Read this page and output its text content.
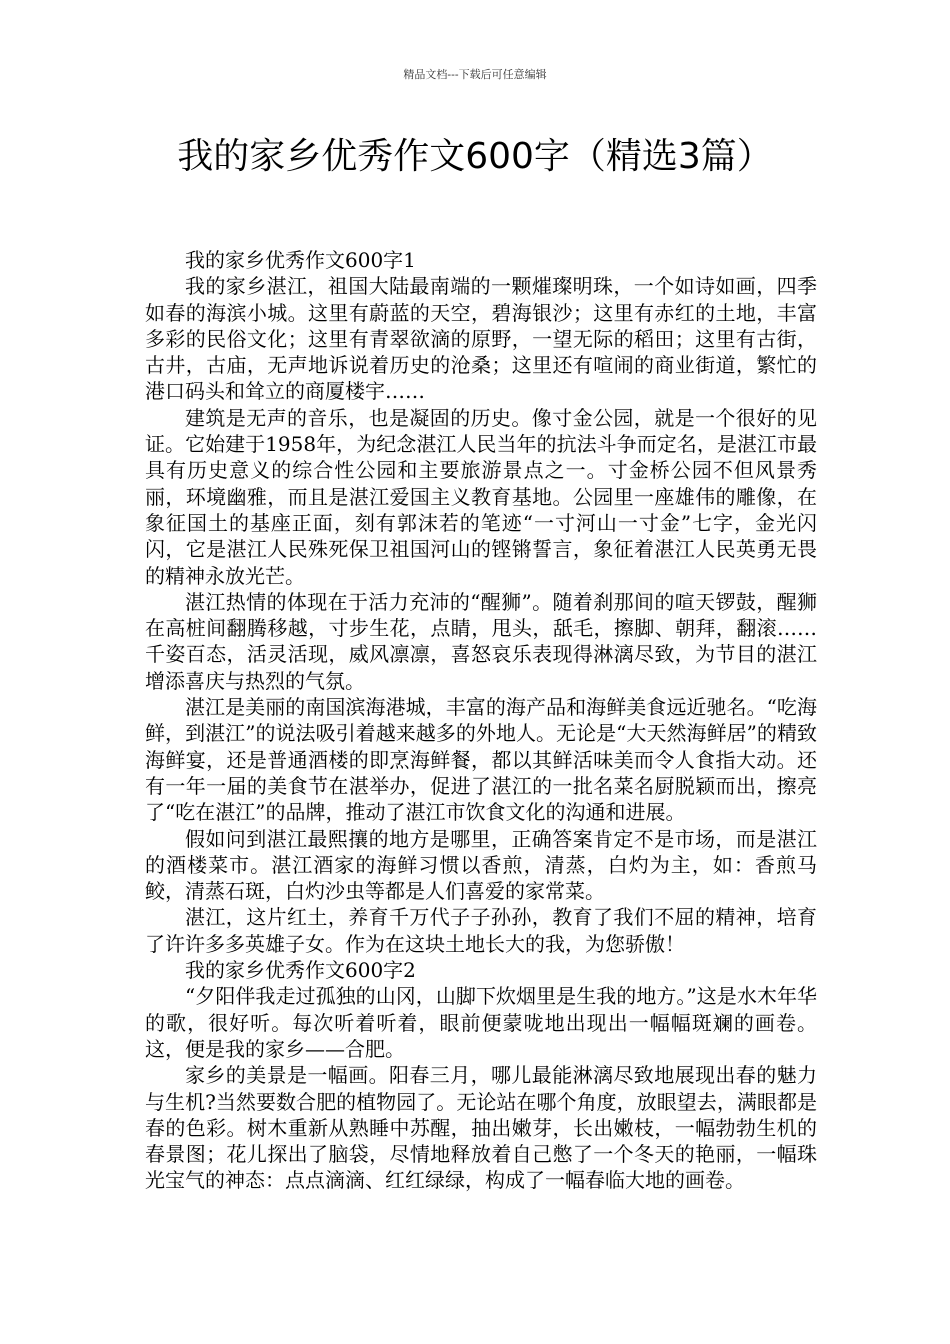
精品文档---下载后可任意编辑
我的家乡优秀作文600字（精选3篇）

我的家乡优秀作文600字1

我的家乡湛江，祖国大陆最南端的一颗熣璨明珠，一个如诗如画，四季如春的海滨小城。这里有蔚蓝的天空，碧海银沙；这里有赤红的土地，丰富多彩的民俗文化；这里有青翠欲滴的原野，一望无际的稻田；这里有古街，古井，古庙，无声地诉说着历史的沧桑；这里还有喧闹的商业街道，繁忙的港口码头和耸立的商厦楼宇……

建筑是无声的音乐，也是凝固的历史。像寸金公园，就是一个很好的见证。它始建于1958年，为纪念湛江人民当年的抗法斗争而定名，是湛江市最具有历史意义的综合性公园和主要旅游景点之一。寸金桥公园不但风景秀丽，环境幽雅，而且是湛江爱国主义教育基地。公园里一座雄伟的雕像，在象征国土的基座正面，刻有郭沫若的笔迹“一寸河山一寸金”七字，金光闪闪，它是湛江人民殊死保卫祖国河山的铿锵誓言，象征着湛江人民英勇无畏的精神永放光芒。

湛江热情的体现在于活力充沛的“醒狮”。随着刹那间的喧天锣鼓，醒狮在高桩间翻腾移越，寸步生花，点睛，甩头，舐毛，擦脚、朝拜，翻滚……千姿百态，活灵活现，威风凛凛，喜怒哀乐表现得淋漓尽致，为节目的湛江增添喜庆与热烈的气氛。

湛江是美丽的南国滨海港城，丰富的海产品和海鲜美食远近驰名。“吃海鲜，到湛江”的说法吸引着越来越多的外地人。无论是“大天然海鲜居”的精致海鲜宴，还是普通酒楼的即烹海鲜餐，都以其鲜活味美而令人食指大动。还有一年一届的美食节在湛举办，促进了湛江的一批名菜名厨脱颖而出，擦亮了“吃在湛江”的品牌，推动了湛江市饮食文化的沟通和进展。

假如问到湛江最熙攘的地方是哪里，正确答案肯定不是市场，而是湛江的酒楼菜市。湛江酒家的海鲜习惯以香煎，清蒸，白灼为主，如：香煎马鲛，清蒸石斑，白灼沙虫等都是人们喜爱的家常菜。

湛江，这片红土，养育千万代子子孙孙，教育了我们不屈的精神，培育了许许多多英雄子女。作为在这块土地长大的我，为您骄傲！

我的家乡优秀作文600字2

“夕阳伴我走过孤独的山冈，山脚下炊烟里是生我的地方。”这是水木年华的歌，很好听。每次听着听着，眼前便蒙咙地出现出一幅幅斑斓的画卷。这，便是我的家乡——合肥。

家乡的美景是一幅画。阳春三月，哪儿最能淋漓尽致地展现出春的魅力与生机?当然要数合肥的植物园了。无论站在哪个角度，放眼望去，满眼都是春的色彩。树木重新从熟睡中苏醒，抽出嫩芽，长出嫩枝，一幅勃勃生机的春景图；花儿探出了脑袋，尽情地释放着自己憋了一个冬天的艳丽，一幅珠光宝气的神态：点点滴滴、红红绿绿，构成了一幅春临大地的画卷。
